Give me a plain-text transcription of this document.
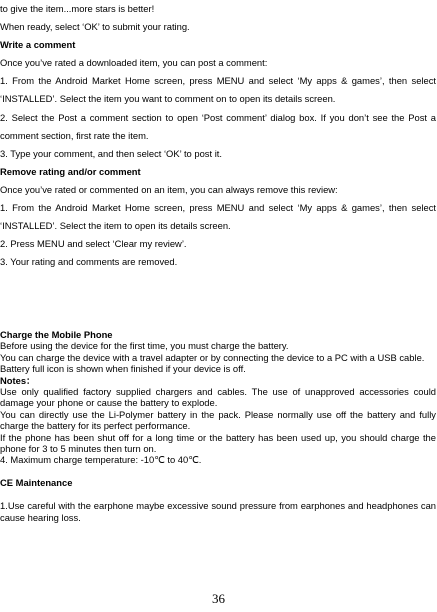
to give the item...more stars is better!

When ready, select ‘OK’ to submit your rating.

Write a comment

Once you’ve rated a downloaded item, you can post a comment:

1. From the Android Market Home screen, press MENU and select ‘My apps & games’, then select ‘INSTALLED’. Select the item you want to comment on to open its details screen.

2. Select the Post a comment section to open ‘Post comment’ dialog box. If you don’t see the Post a comment section, first rate the item.

3. Type your comment, and then select ‘OK’ to post it.

Remove rating and/or comment

Once you’ve rated or commented on an item, you can always remove this review:

1. From the Android Market Home screen, press MENU and select ‘My apps & games’, then select ‘INSTALLED’. Select the item to open its details screen.

2. Press MENU and select ‘Clear my review’.

3. Your rating and comments are removed.

Charge the Mobile Phone

Before using the device for the first time, you must charge the battery.

You can charge the device with a travel adapter or by connecting the device to a PC with a USB cable.

Battery full icon is shown when finished if your device is off.

Notes：

Use only qualified factory supplied chargers and cables. The use of unapproved accessories could damage your phone or cause the battery to explode.

You can directly use the Li-Polymer battery in the pack. Please normally use off the battery and fully charge the battery for its perfect performance.

If the phone has been shut off for a long time or the battery has been used up, you should charge the phone for 3 to 5 minutes then turn on.

4. Maximum charge temperature: -10℃ to 40℃.

CE Maintenance

1.Use careful with the earphone maybe excessive sound pressure from earphones and headphones can cause hearing loss.

36
